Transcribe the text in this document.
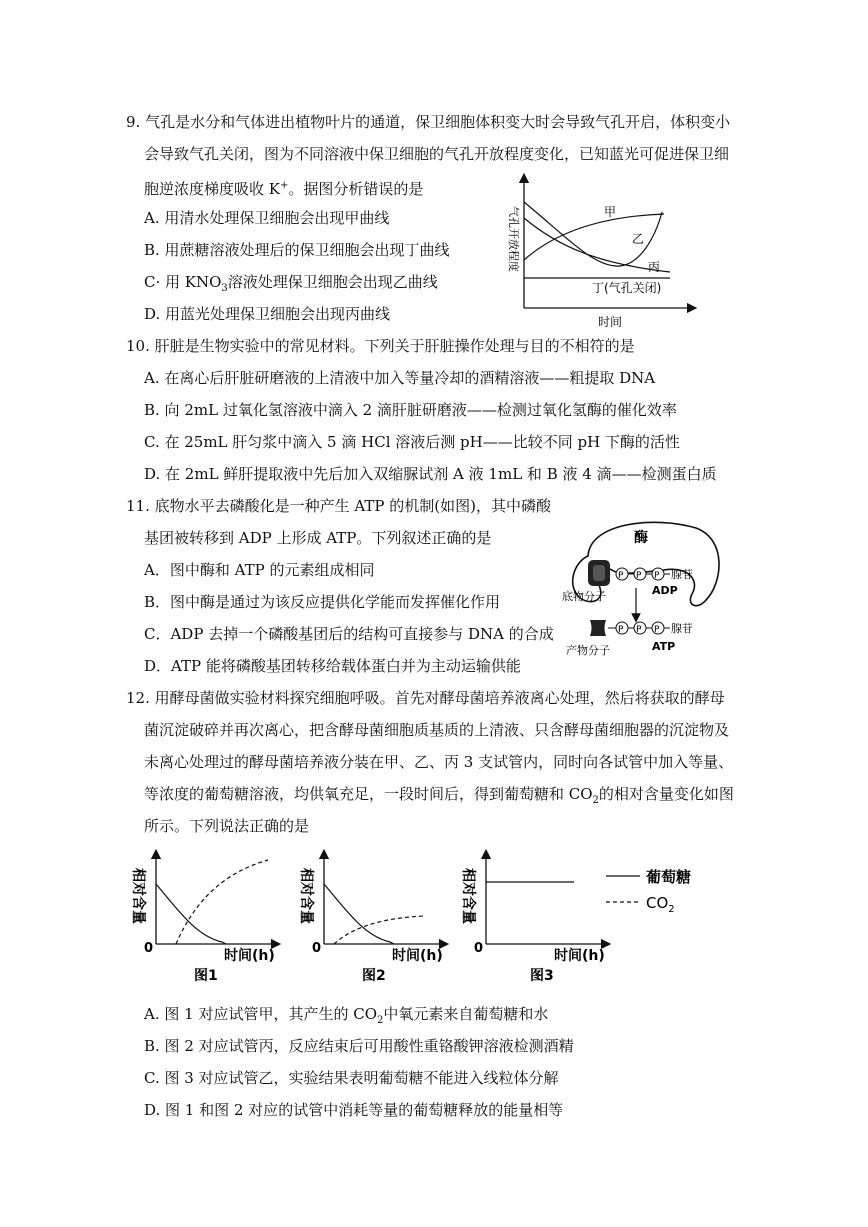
9. 气孔是水分和气体进出植物叶片的通道，保卫细胞体积变大时会导致气孔开启，体积变小
会导致气孔关闭，图为不同溶液中保卫细胞的气孔开放程度变化，已知蓝光可促进保卫细
胞逆浓度梯度吸收 K+。据图分析错误的是
A. 用清水处理保卫细胞会出现甲曲线
B. 用蔗糖溶液处理后的保卫细胞会出现丁曲线
C· 用 $KNO_3$溶液处理保卫细胞会出现乙曲线
D. 用蓝光处理保卫细胞会出现丙曲线
甲
乙
丙
丁(气孔关闭)
时间
气孔开放程度
10. 肝脏是生物实验中的常见材料。下列关于肝脏操作处理与目的不相符的是
A. 在离心后肝脏研磨液的上清液中加入等量冷却的酒精溶液——粗提取 DNA
B. 向 2mL 过氧化氢溶液中滴入 2 滴肝脏研磨液——检测过氧化氢酶的催化效率
C. 在 25mL 肝匀浆中滴入 5 滴 HCl 溶液后测 pH——比较不同 pH 下酶的活性
D. 在 2mL 鲜肝提取液中先后加入双缩脲试剂 A 液 1mL 和 B 液 4 滴——检测蛋白质
11. 底物水平去磷酸化是一种产生 ATP 的机制(如图)，其中磷酸
基团被转移到 ADP 上形成 ATP。下列叙述正确的是
A．图中酶和 ATP 的元素组成相同
B．图中酶是通过为该反应提供化学能而发挥催化作用
C．ADP 去掉一个磷酸基团后的结构可直接参与 DNA 的合成
D．ATP 能将磷酸基团转移给载体蛋白并为主动运输供能
酶
P P P 腺苷
底物分子	ADP
P P P 腺苷
产物分子	ATP
12. 用酵母菌做实验材料探究细胞呼吸。首先对酵母菌培养液离心处理，然后将获取的酵母
菌沉淀破碎并再次离心，把含酵母菌细胞质基质的上清液、只含酵母菌细胞器的沉淀物及
未离心处理过的酵母菌培养液分装在甲、乙、丙 3 支试管内，同时向各试管中加入等量、
等浓度的葡萄糖溶液，均供氧充足，一段时间后，得到葡萄糖和 $CO_2$的相对含量变化如图
所示。下列说法正确的是
0
相对含量
时间(h)
图1
0
相对含量
时间(h)
图2
0
相对含量
时间(h)
图3
葡萄糖
$CO_2$
A. 图 1 对应试管甲，其产生的 $CO_2$中氧元素来自葡萄糖和水
B. 图 2 对应试管丙，反应结束后可用酸性重铬酸钾溶液检测酒精
C. 图 3 对应试管乙，实验结果表明葡萄糖不能进入线粒体分解
D. 图 1 和图 2 对应的试管中消耗等量的葡萄糖释放的能量相等
